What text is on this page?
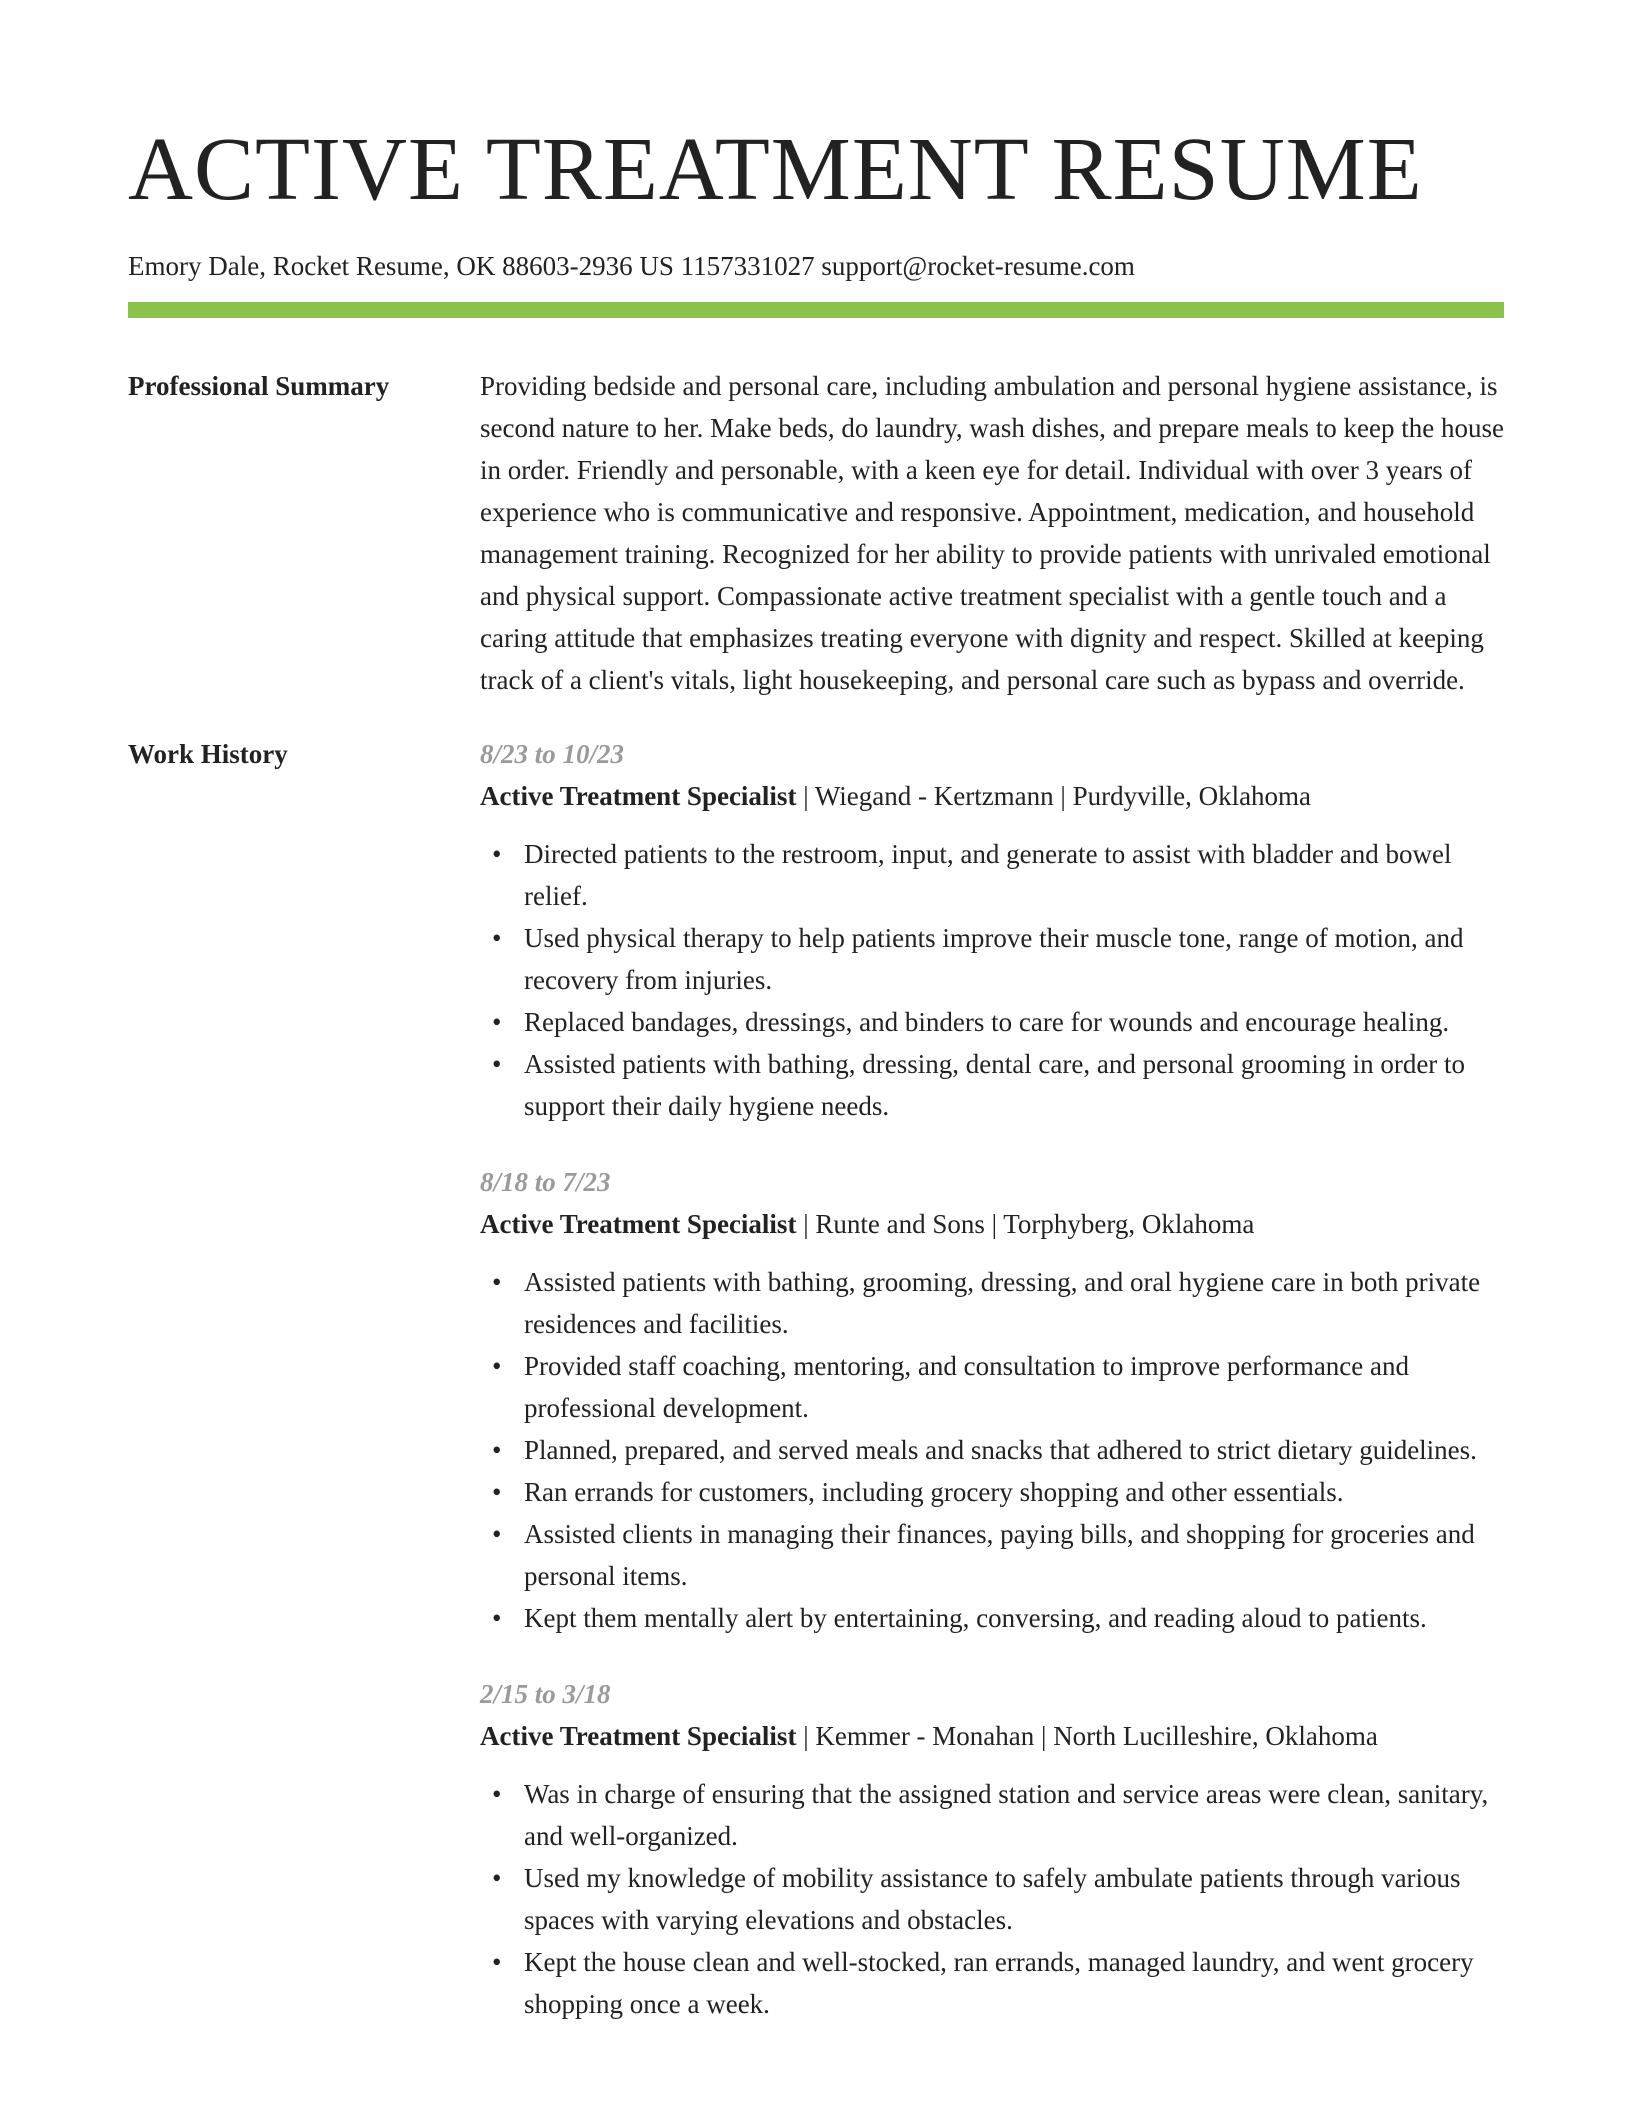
ACTIVE TREATMENT RESUME
Emory Dale, Rocket Resume, OK 88603-2936 US 1157331027 support@rocket-resume.com
Professional Summary	Providing bedside and personal care, including ambulation and personal hygiene assistance, is second nature to her. Make beds, do laundry, wash dishes, and prepare meals to keep the house in order. Friendly and personable, with a keen eye for detail. Individual with over 3 years of experience who is communicative and responsive. Appointment, medication, and household management training. Recognized for her ability to provide patients with unrivaled emotional and physical support. Compassionate active treatment specialist with a gentle touch and a caring attitude that emphasizes treating everyone with dignity and respect. Skilled at keeping track of a client's vitals, light housekeeping, and personal care such as bypass and override.

Work History	8/23 to 10/23
Active Treatment Specialist | Wiegand - Kertzmann | Purdyville, Oklahoma
• Directed patients to the restroom, input, and generate to assist with bladder and bowel relief.
• Used physical therapy to help patients improve their muscle tone, range of motion, and recovery from injuries.
• Replaced bandages, dressings, and binders to care for wounds and encourage healing.
• Assisted patients with bathing, dressing, dental care, and personal grooming in order to support their daily hygiene needs.
8/18 to 7/23
Active Treatment Specialist | Runte and Sons | Torphyberg, Oklahoma
• Assisted patients with bathing, grooming, dressing, and oral hygiene care in both private residences and facilities.
• Provided staff coaching, mentoring, and consultation to improve performance and professional development.
• Planned, prepared, and served meals and snacks that adhered to strict dietary guidelines.
• Ran errands for customers, including grocery shopping and other essentials.
• Assisted clients in managing their finances, paying bills, and shopping for groceries and personal items.
• Kept them mentally alert by entertaining, conversing, and reading aloud to patients.
2/15 to 3/18
Active Treatment Specialist | Kemmer - Monahan | North Lucilleshire, Oklahoma
• Was in charge of ensuring that the assigned station and service areas were clean, sanitary, and well-organized.
• Used my knowledge of mobility assistance to safely ambulate patients through various spaces with varying elevations and obstacles.
• Kept the house clean and well-stocked, ran errands, managed laundry, and went grocery shopping once a week.
